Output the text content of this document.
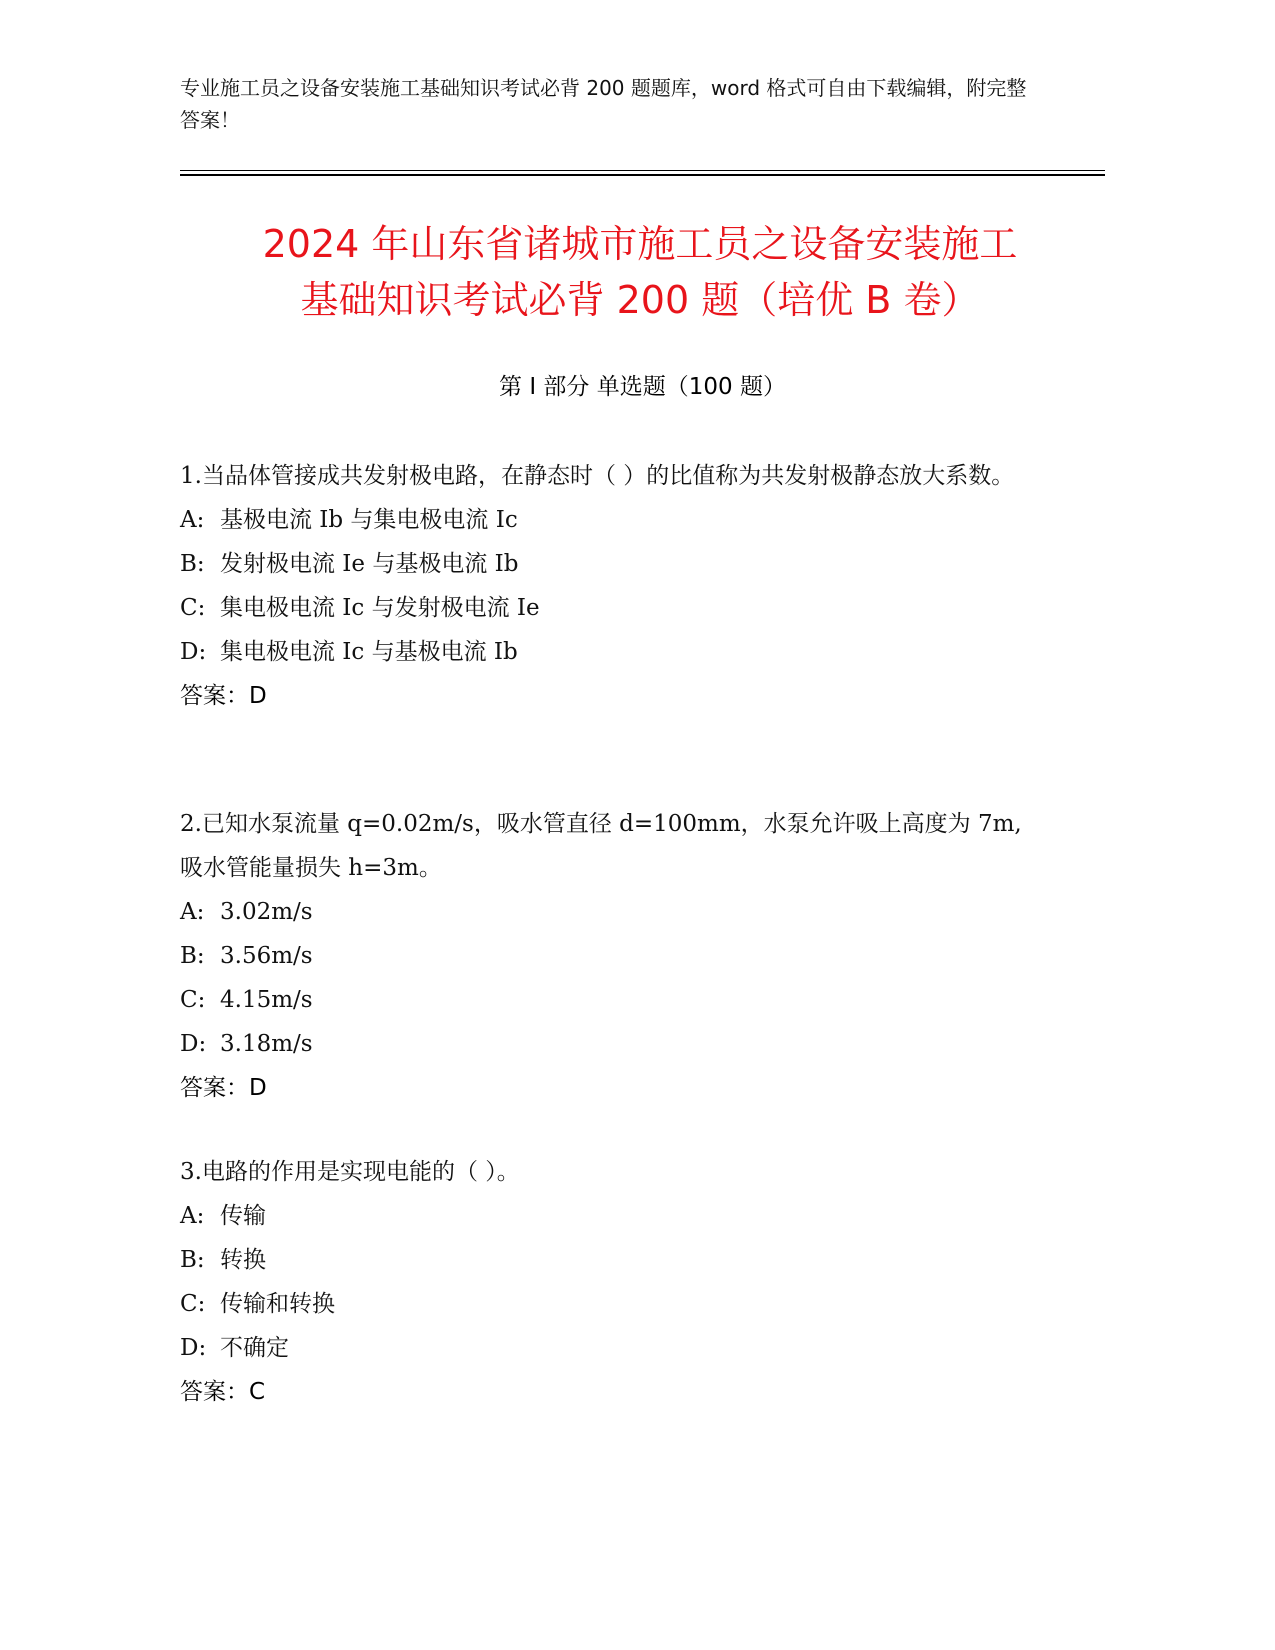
专业施工员之设备安装施工基础知识考试必背 200 题题库，word 格式可自由下载编辑，附完整答案！
2024 年山东省诸城市施工员之设备安装施工
基础知识考试必背 200 题（培优 B 卷）
第 I 部分 单选题（100 题）
1.当品体管接成共发射极电路，在静态时（ ）的比值称为共发射极静态放大系数。
A: 基极电流 Ib 与集电极电流 Ic
B: 发射极电流 Ie 与基极电流 Ib
C: 集电极电流 Ic 与发射极电流 Ie
D: 集电极电流 Ic 与基极电流 Ib
答案：D
2.已知水泵流量 q=0.02m/s，吸水管直径 d=100mm，水泵允许吸上高度为 7m,吸水管能量损失 h=3m。
A: 3.02m/s
B: 3.56m/s
C: 4.15m/s
D: 3.18m/s
答案：D
3.电路的作用是实现电能的（ ）。
A: 传输
B: 转换
C: 传输和转换
D: 不确定
答案：C
